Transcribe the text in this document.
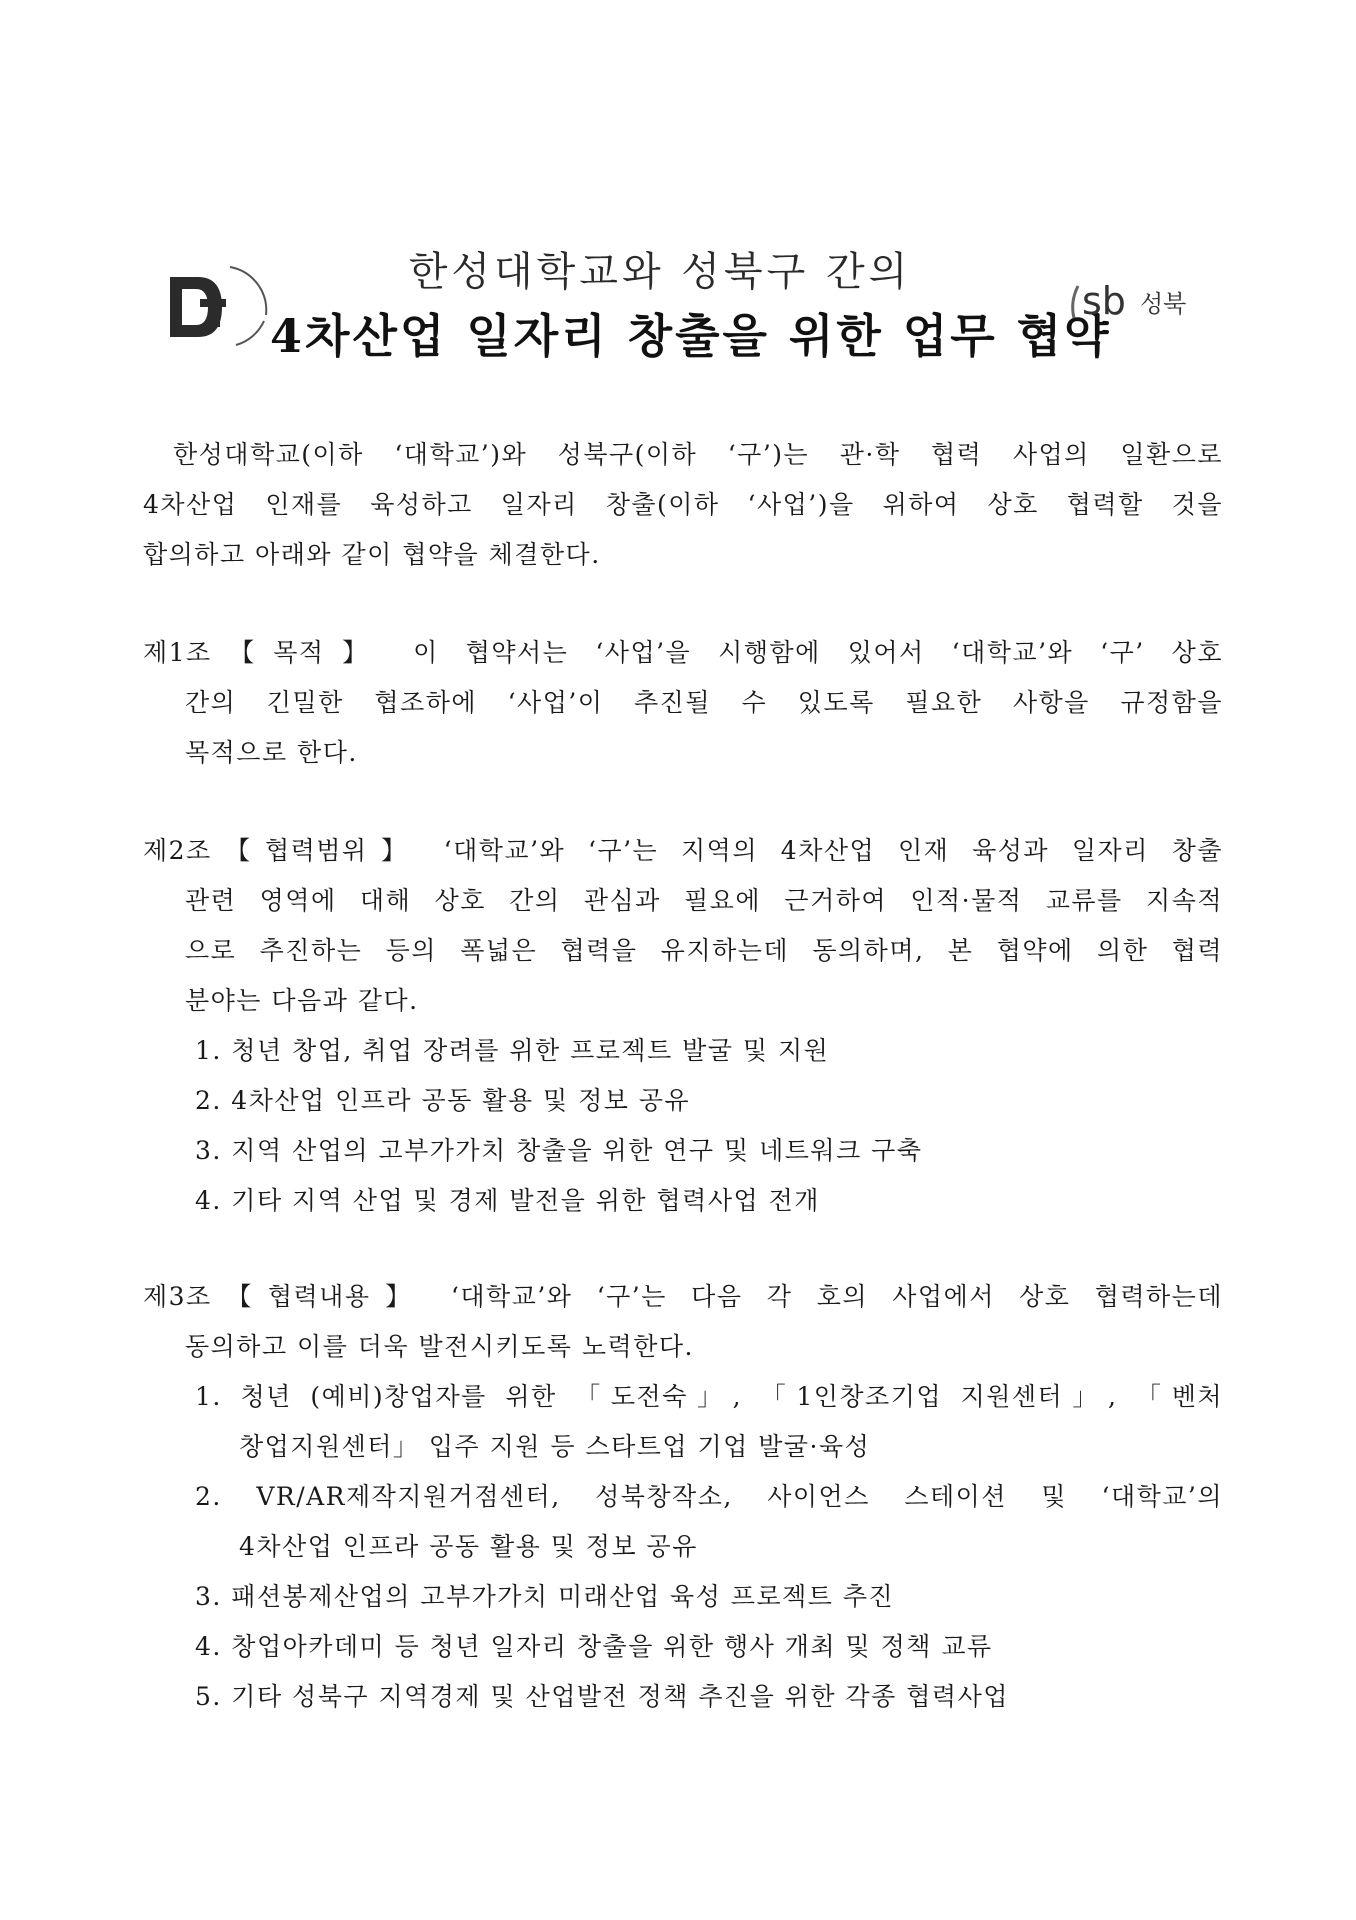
한성대학교와 성북구 간의
4차산업 일자리 창출을 위한 업무 협약
sb 성북
한성대학교(이하 ‘대학교’)와 성북구(이하 ‘구’)는 관·학 협력 사업의 일환으로
4차산업 인재를 육성하고 일자리 창출(이하 ‘사업’)을 위하여 상호 협력할 것을
합의하고 아래와 같이 협약을 체결한다.
제1조【목적】 이 협약서는 ‘사업’을 시행함에 있어서 ‘대학교’와 ‘구’ 상호
간의 긴밀한 협조하에 ‘사업’이 추진될 수 있도록 필요한 사항을 규정함을
목적으로 한다.
제2조【협력범위】 ‘대학교’와 ‘구’는 지역의 4차산업 인재 육성과 일자리 창출
관련 영역에 대해 상호 간의 관심과 필요에 근거하여 인적·물적 교류를 지속적
으로 추진하는 등의 폭넓은 협력을 유지하는데 동의하며, 본 협약에 의한 협력
분야는 다음과 같다.
1. 청년 창업, 취업 장려를 위한 프로젝트 발굴 및 지원
2. 4차산업 인프라 공동 활용 및 정보 공유
3. 지역 산업의 고부가가치 창출을 위한 연구 및 네트워크 구축
4. 기타 지역 산업 및 경제 발전을 위한 협력사업 전개
제3조【협력내용】 ‘대학교’와 ‘구’는 다음 각 호의 사업에서 상호 협력하는데
동의하고 이를 더욱 발전시키도록 노력한다.
1. 청년 (예비)창업자를 위한 「도전숙」, 「1인창조기업 지원센터」, 「벤처
창업지원센터」 입주 지원 등 스타트업 기업 발굴·육성
2. VR/AR제작지원거점센터, 성북창작소, 사이언스 스테이션 및 ‘대학교’의
4차산업 인프라 공동 활용 및 정보 공유
3. 패션봉제산업의 고부가가치 미래산업 육성 프로젝트 추진
4. 창업아카데미 등 청년 일자리 창출을 위한 행사 개최 및 정책 교류
5. 기타 성북구 지역경제 및 산업발전 정책 추진을 위한 각종 협력사업
